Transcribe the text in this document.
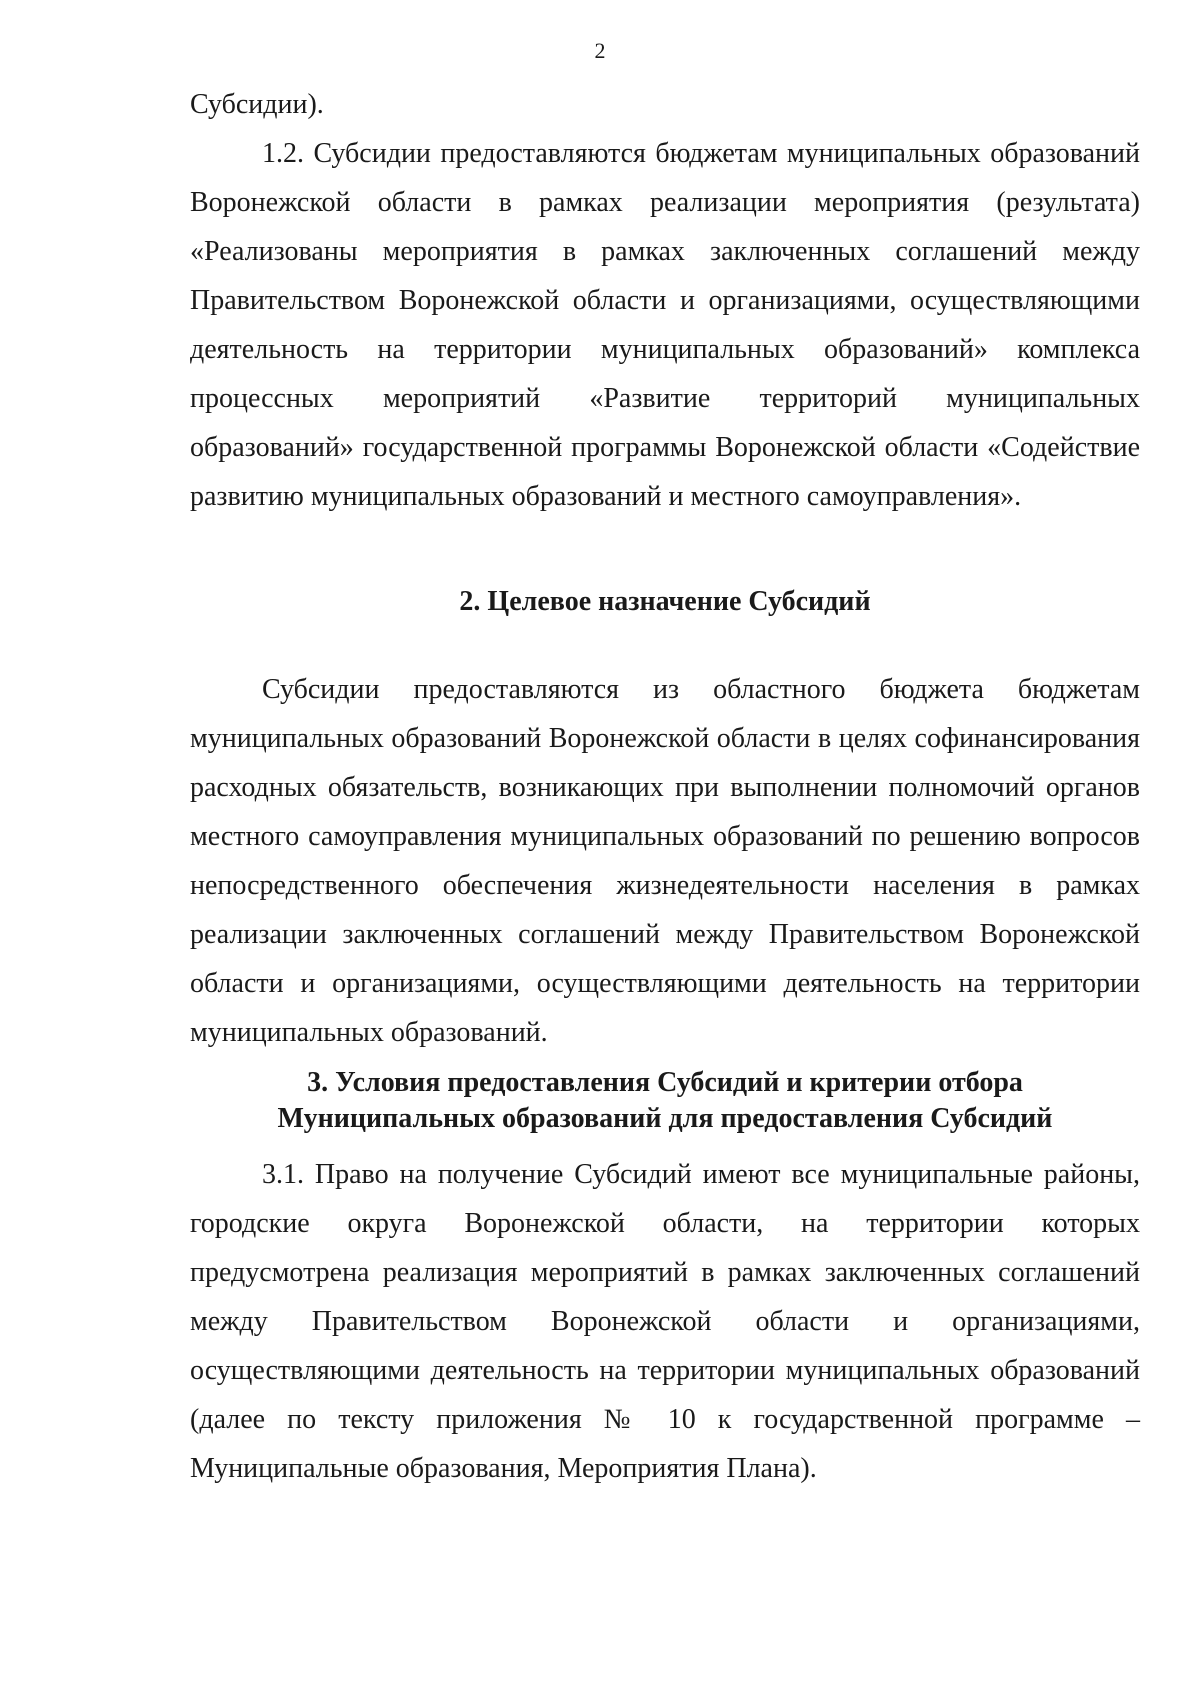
2

Субсидии).

1.2. Субсидии предоставляются бюджетам муниципальных образований Воронежской области в рамках реализации мероприятия (результата) «Реализованы мероприятия в рамках заключенных соглашений между Правительством Воронежской области и организациями, осуществляющими деятельность на территории муниципальных образований» комплекса процессных мероприятий «Развитие территорий муниципальных образований» государственной программы Воронежской области «Содействие развитию муниципальных образований и местного самоуправления».

2. Целевое назначение Субсидий

Субсидии предоставляются из областного бюджета бюджетам муниципальных образований Воронежской области в целях софинансирования расходных обязательств, возникающих при выполнении полномочий органов местного самоуправления муниципальных образований по решению вопросов непосредственного обеспечения жизнедеятельности населения в рамках реализации заключенных соглашений между Правительством Воронежской области и организациями, осуществляющими деятельность на территории муниципальных образований.

3. Условия предоставления Субсидий и критерии отбора
Муниципальных образований для предоставления Субсидий

3.1. Право на получение Субсидий имеют все муниципальные районы, городские округа Воронежской области, на территории которых предусмотрена реализация мероприятий в рамках заключенных соглашений между Правительством Воронежской области и организациями, осуществляющими деятельность на территории муниципальных образований (далее по тексту приложения № 10 к государственной программе – Муниципальные образования, Мероприятия Плана).
